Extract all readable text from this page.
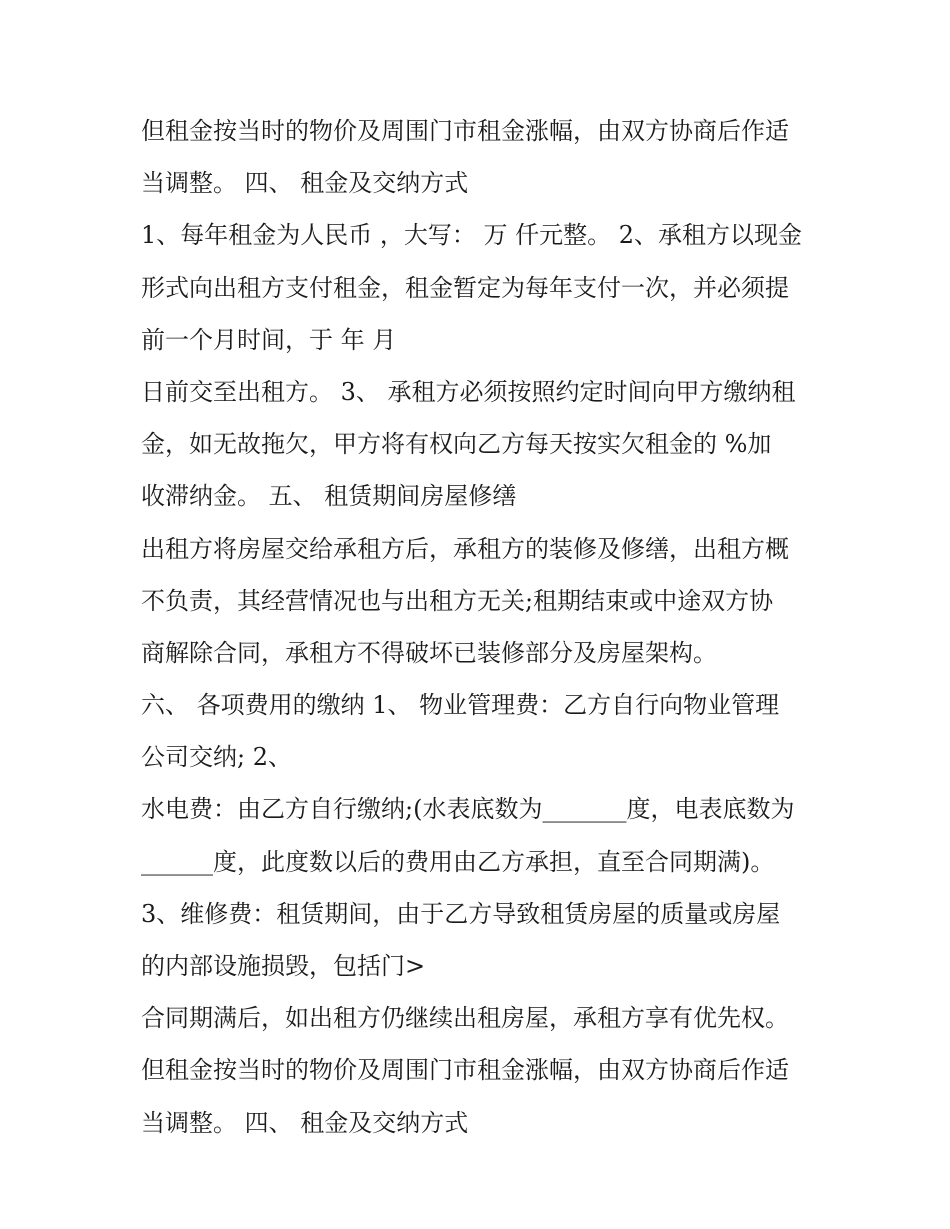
但租金按当时的物价及周围门市租金涨幅，由双方协商后作适
当调整。 四、 租金及交纳方式
1、每年租金为人民币 ，大写： 万 仟元整。 2、承租方以现金
形式向出租方支付租金，租金暂定为每年支付一次，并必须提
前一个月时间，于 年 月
日前交至出租方。 3、 承租方必须按照约定时间向甲方缴纳租
金，如无故拖欠，甲方将有权向乙方每天按实欠租金的 %加
收滞纳金。 五、 租赁期间房屋修缮
出租方将房屋交给承租方后，承租方的装修及修缮，出租方概
不负责，其经营情况也与出租方无关;租期结束或中途双方协
商解除合同，承租方不得破坏已装修部分及房屋架构。
六、 各项费用的缴纳 1、 物业管理费：乙方自行向物业管理
公司交纳; 2、
水电费：由乙方自行缴纳;(水表底数为_______度，电表底数为
______度，此度数以后的费用由乙方承担，直至合同期满)。
3、维修费：租赁期间，由于乙方导致租赁房屋的质量或房屋
的内部设施损毁，包括门>
合同期满后，如出租方仍继续出租房屋，承租方享有优先权。
但租金按当时的物价及周围门市租金涨幅，由双方协商后作适
当调整。 四、 租金及交纳方式
